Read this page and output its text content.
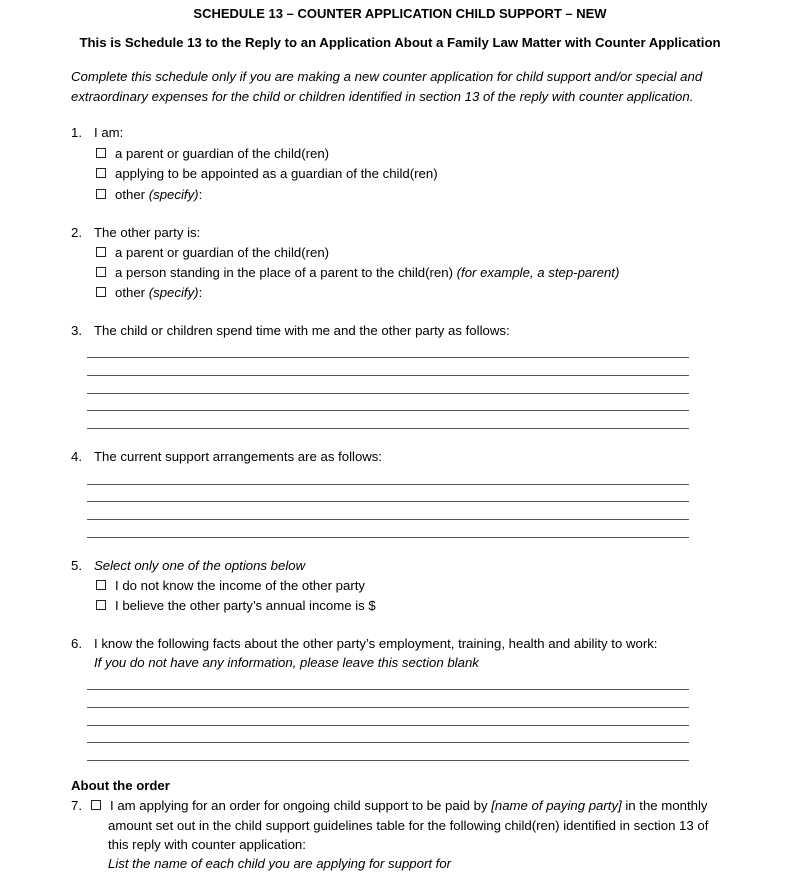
SCHEDULE 13 – COUNTER APPLICATION CHILD SUPPORT – NEW
This is Schedule 13 to the Reply to an Application About a Family Law Matter with Counter Application
Complete this schedule only if you are making a new counter application for child support and/or special and
extraordinary expenses for the child or children identified in section 13 of the reply with counter application.
1. I am:
a parent or guardian of the child(ren)
applying to be appointed as a guardian of the child(ren)
other (specify):
2. The other party is:
a parent or guardian of the child(ren)
a person standing in the place of a parent to the child(ren) (for example, a step-parent)
other (specify):
3. The child or children spend time with me and the other party as follows:
4. The current support arrangements are as follows:
5. Select only one of the options below
I do not know the income of the other party
I believe the other party’s annual income is $
6. I know the following facts about the other party’s employment, training, health and ability to work:
If you do not have any information, please leave this section blank
About the order
7. I am applying for an order for ongoing child support to be paid by [name of paying party] in the monthly
amount set out in the child support guidelines table for the following child(ren) identified in section 13 of
this reply with counter application:
List the name of each child you are applying for support for
